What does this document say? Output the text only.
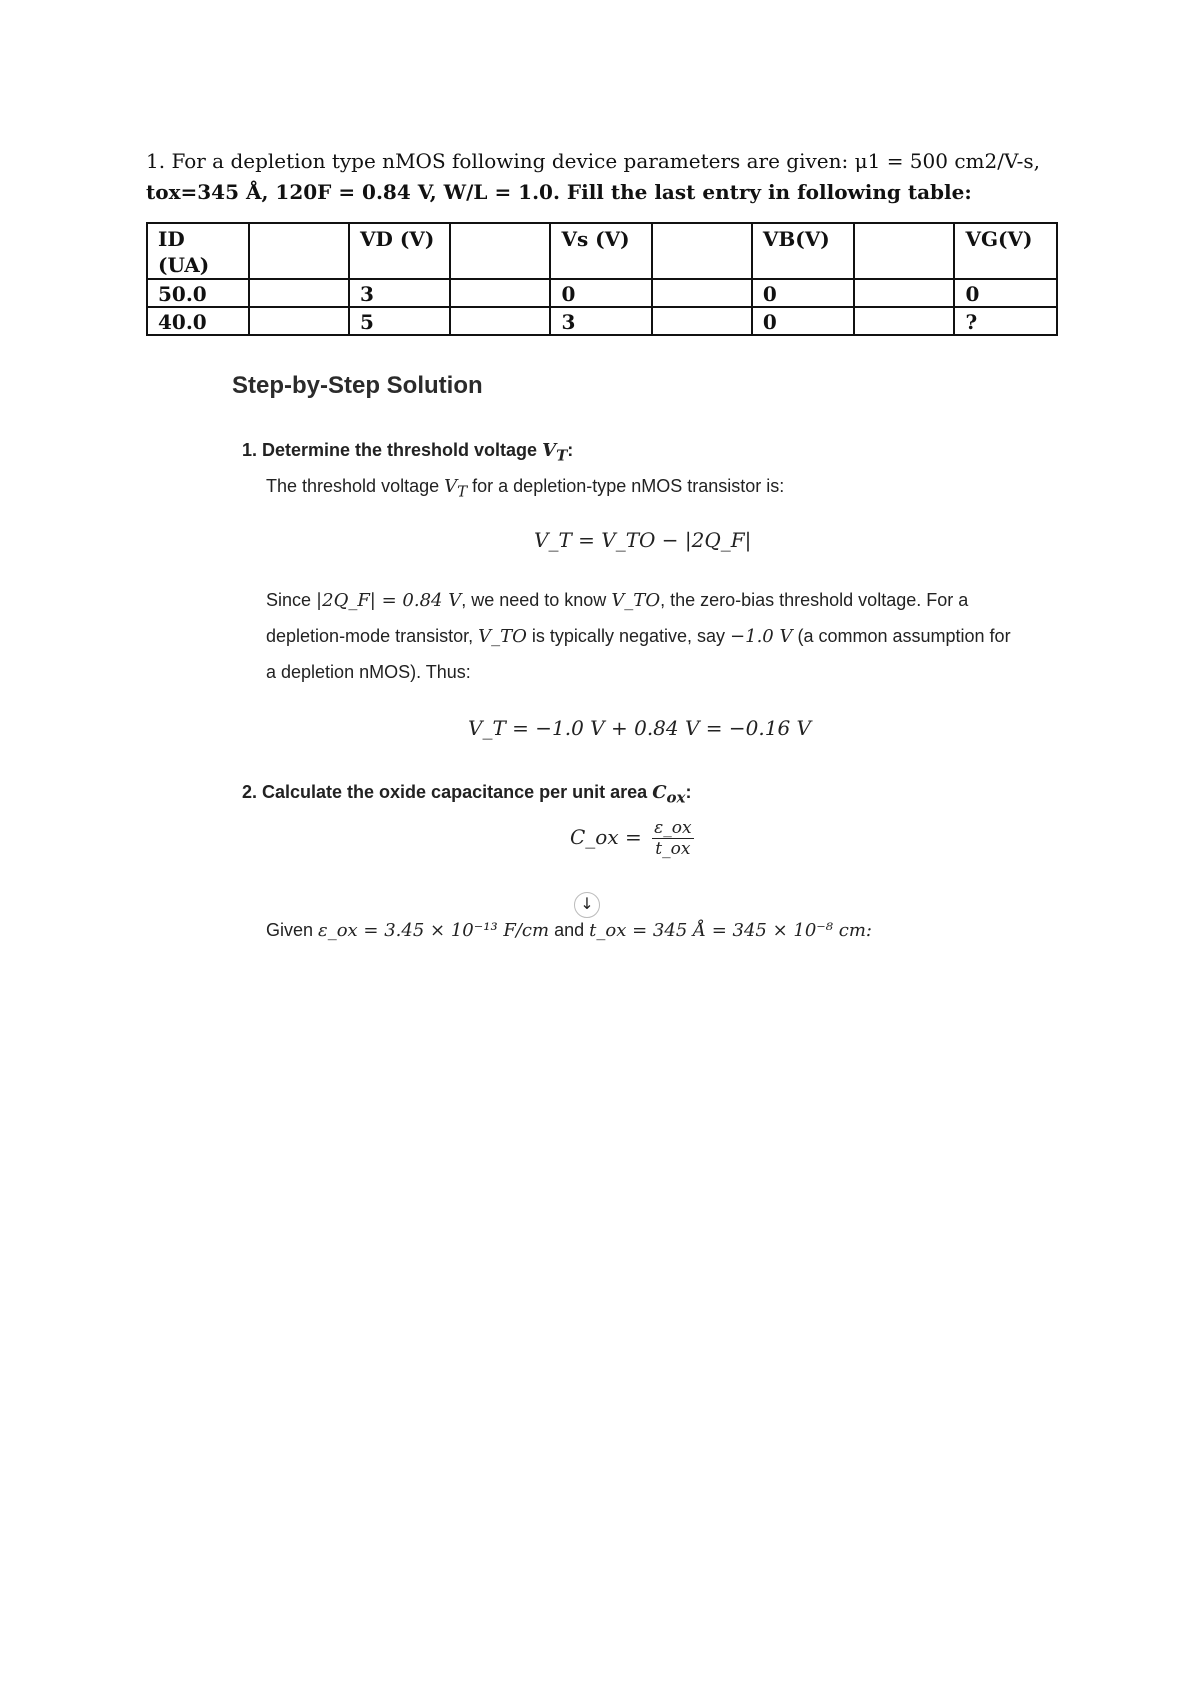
1. For a depletion type nMOS following device parameters are given: μ1 = 500 cm2/V-s,
tox=345 Å, 120F = 0.84 V, W/L = 1.0. Fill the last entry in following table:
ID (UA)		VD (V)		Vs (V)		VB(V)		VG(V)
50.0		3		0		0		0
40.0		5		3		0		?
Step-by-Step Solution
1. Determine the threshold voltage $V_T$:
The threshold voltage $V_T$ for a depletion-type nMOS transistor is:
V_T = V_TO − |2Q_F|
Since |2Q_F| = 0.84 V, we need to know V_TO, the zero-bias threshold voltage. For a
depletion-mode transistor, V_TO is typically negative, say −1.0 V (a common assumption for
a depletion nMOS). Thus:
V_T = −1.0 V + 0.84 V = −0.16 V
2. Calculate the oxide capacitance per unit area $C_{ox}$:
C_ox = $\frac{\varepsilon\_ox}{t\_ox}$
↓
Given ε_ox = 3.45 × 10⁻¹³ F/cm and t_ox = 345 Å = 345 × 10⁻⁸ cm:
